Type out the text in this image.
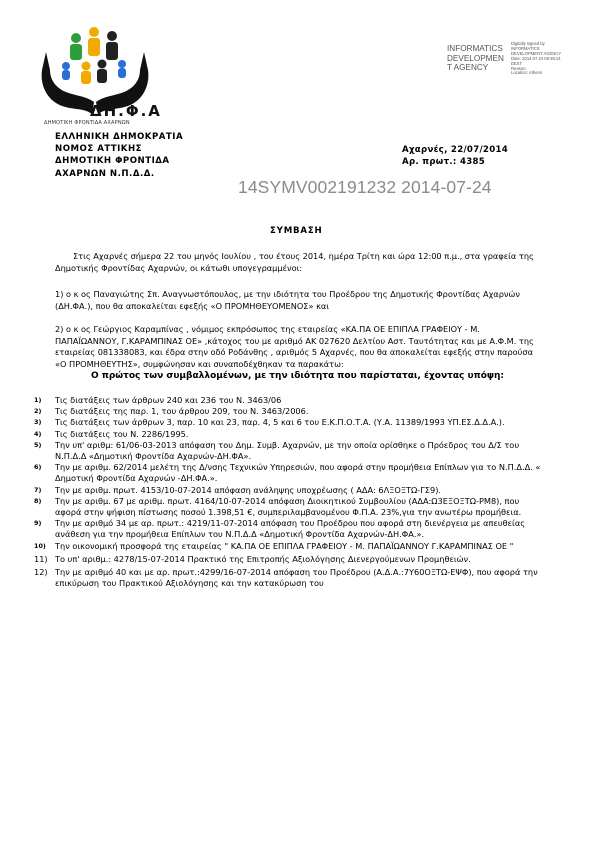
ΔΗ.Φ.Α
ΔΗΜΟΤΙΚΗ ΦΡΟΝΤΙΔΑ ΑΧΑΡΝΩΝ
INFORMATICS
DEVELOPMEN
T AGENCY
Digitally signed by
INFORMATICS
DEVELOPMENT AGENCY
Date: 2014.07.24 08:39:14
EEST
Reason:
Location: Athens
ΕΛΛΗΝΙΚΗ ΔΗΜΟΚΡΑΤΙΑ
ΝΟΜΟΣ ΑΤΤΙΚΗΣ
ΔΗΜΟΤΙΚΗ ΦΡΟΝΤΙΔΑ
ΑΧΑΡΝΩΝ Ν.Π.Δ.Δ.
Αχαρνές, 22/07/2014
Αρ. πρωτ.: 4385
14SYMV002191232 2014-07-24
ΣΥΜΒΑΣΗ
Στις Αχαρνές σήμερα 22 του μηνός Ιουλίου , του έτους 2014, ημέρα Τρίτη και ώρα 12:00 π.μ., στα γραφεία της Δημοτικής Φροντίδας Αχαρνών, οι κάτωθι υπογεγραμμένοι:
1) ο κ ος Παναγιώτης Σπ. Αναγνωστόπουλος, με την ιδιότητα του Προέδρου της Δημοτικής Φροντίδας Αχαρνών (ΔΗ.ΦΑ.), που θα αποκαλείται εφεξής «Ο ΠΡΟΜΗΘΕΥΟΜΕΝΟΣ» και
2) ο κ ος Γεώργιος Καραμπίνας , νόμιμος εκπρόσωπος της εταιρείας «ΚΑ.ΠΑ ΟΕ ΕΠΙΠΛΑ ΓΡΑΦΕΙΟΥ - Μ. ΠΑΠΑΪΩΑΝΝΟΥ, Γ.ΚΑΡΑΜΠΙΝΑΣ ΟΕ» ,κάτοχος του με αριθμό ΑΚ 027620 Δελτίου Αστ. Ταυτότητας και με Α.Φ.Μ. της εταιρείας 081338083, και έδρα στην οδό Ροδάνθης , αριθμός 5 Αχαρνές, που θα αποκαλείται εφεξής στην παρούσα «Ο ΠΡΟΜΗΘΕΥΤΗΣ», συμφώνησαν και συναποδέχθηκαν τα παρακάτω:
Ο πρώτος των συμβαλλομένων, με την ιδιότητα που παρίσταται, έχοντας υπόψη:
1) Τις διατάξεις των άρθρων 240 και 236 του Ν. 3463/06
2) Τις διατάξεις της παρ. 1, του άρθρου 209, του Ν. 3463/2006.
3) Τις διατάξεις των άρθρων 3, παρ. 10 και 23, παρ. 4, 5 και 6 του Ε.Κ.Π.Ο.Τ.Α. (Υ.Α. 11389/1993 ΥΠ.ΕΣ.Δ.Δ.Α.).
4) Τις διατάξεις του Ν. 2286/1995.
5) Την υπ' αριθμ: 61/06-03-2013 απόφαση του Δημ. Συμβ. Αχαρνών, με την οποία ορίσθηκε ο Πρόεδρος του Δ/Σ του Ν.Π.Δ.Δ «Δημοτική Φροντίδα Αχαρνών-ΔΗ.ΦΑ».
6) Την με αριθμ. 62/2014 μελέτη της Δ/νσης Τεχνικών Υπηρεσιών, που αφορά στην προμήθεια Επίπλων για το Ν.Π.Δ.Δ. « Δημοτική Φροντίδα Αχαρνών -ΔΗ.ΦΑ.».
7) Την με αριθμ. πρωτ. 4153/10-07-2014 απόφαση ανάληψης υποχρέωσης ( ΑΔΑ: 6ΛΞΟΞΤΩ-ΓΣ9).
8) Την με αριθμ. 67 με αριθμ. πρωτ. 4164/10-07-2014 απόφαση Διοικητικού Συμβουλίου (ΑΔΑ:Ω3ΕΞΟΞΤΩ-ΡΜ8), που αφορά στην ψήφιση πίστωσης ποσού 1.398,51 €, συμπεριλαμβανομένου Φ.Π.Α. 23%,για την ανωτέρω προμήθεια.
9) Την με αριθμό 34 με αρ. πρωτ.: 4219/11-07-2014 απόφαση του Προέδρου που αφορά στη διενέργεια με απευθείας ανάθεση για την προμήθεια Επίπλων του Ν.Π.Δ.Δ «Δημοτική Φροντίδα Αχαρνών-ΔΗ.ΦΑ.».
10) Την οικονομική προσφορά της εταιρείας " ΚΑ.ΠΑ ΟΕ ΕΠΙΠΛΑ ΓΡΑΦΕΙΟΥ - Μ. ΠΑΠΑΪΩΑΝΝΟΥ Γ.ΚΑΡΑΜΠΙΝΑΣ ΟΕ "
11) Το υπ' αριθμ.: 4278/15-07-2014 Πρακτικό της Επιτροπής Αξιολόγησης Διενεργούμενων Προμηθειών.
12) Την με αριθμό 40 και με αρ. πρωτ.:4299/16-07-2014 απόφαση του Προέδρου (Α.Δ.Α.:7Υ60ΟΞΤΩ-ΕΨΦ), που αφορά την επικύρωση του Πρακτικού Αξιολόγησης και την κατακύρωση του
